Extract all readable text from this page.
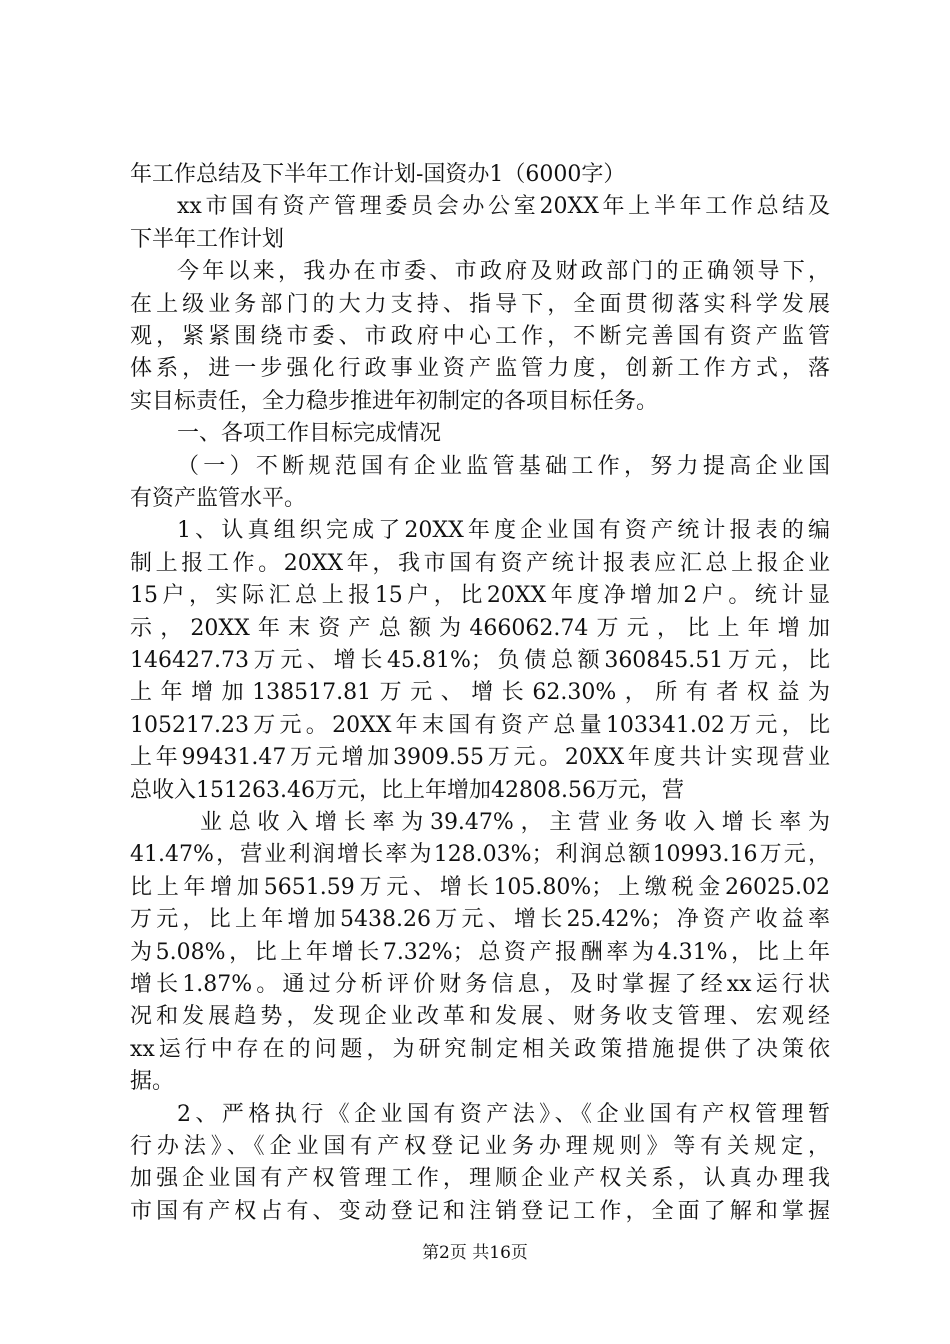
年工作总结及下半年工作计划-国资办1（6000字）
xx市国有资产管理委员会办公室20XX年上半年工作总结及
下半年工作计划
今年以来，我办在市委、市政府及财政部门的正确领导下，
在上级业务部门的大力支持、指导下，全面贯彻落实科学发展
观，紧紧围绕市委、市政府中心工作，不断完善国有资产监管
体系，进一步强化行政事业资产监管力度，创新工作方式，落
实目标责任，全力稳步推进年初制定的各项目标任务。
一、各项工作目标完成情况
（一）不断规范国有企业监管基础工作，努力提高企业国
有资产监管水平。
1、认真组织完成了20XX年度企业国有资产统计报表的编
制上报工作。20XX年，我市国有资产统计报表应汇总上报企业
15户，实际汇总上报15户，比20XX年度净增加2户。统计显
示，20XX年末资产总额为466062.74万元，比上年增加
146427.73万元、增长45.81%；负债总额360845.51万元，比
上年增加138517.81万元、增长62.30%，所有者权益为
105217.23万元。20XX年末国有资产总量103341.02万元，比
上年99431.47万元增加3909.55万元。20XX年度共计实现营业
总收入151263.46万元，比上年增加42808.56万元，营
业总收入增长率为39.47%，主营业务收入增长率为
41.47%，营业利润增长率为128.03%；利润总额10993.16万元，
比上年增加5651.59万元、增长105.80%；上缴税金26025.02
万元，比上年增加5438.26万元、增长25.42%；净资产收益率
为5.08%，比上年增长7.32%；总资产报酬率为4.31%，比上年
增长1.87%。通过分析评价财务信息，及时掌握了经xx运行状
况和发展趋势，发现企业改革和发展、财务收支管理、宏观经
xx运行中存在的问题，为研究制定相关政策措施提供了决策依
据。
第2页 共16页
2、严格执行《企业国有资产法》、《企业国有产权管理暂
行办法》、《企业国有产权登记业务办理规则》等有关规定，
加强企业国有产权管理工作，理顺企业产权关系，认真办理我
市国有产权占有、变动登记和注销登记工作，全面了解和掌握
